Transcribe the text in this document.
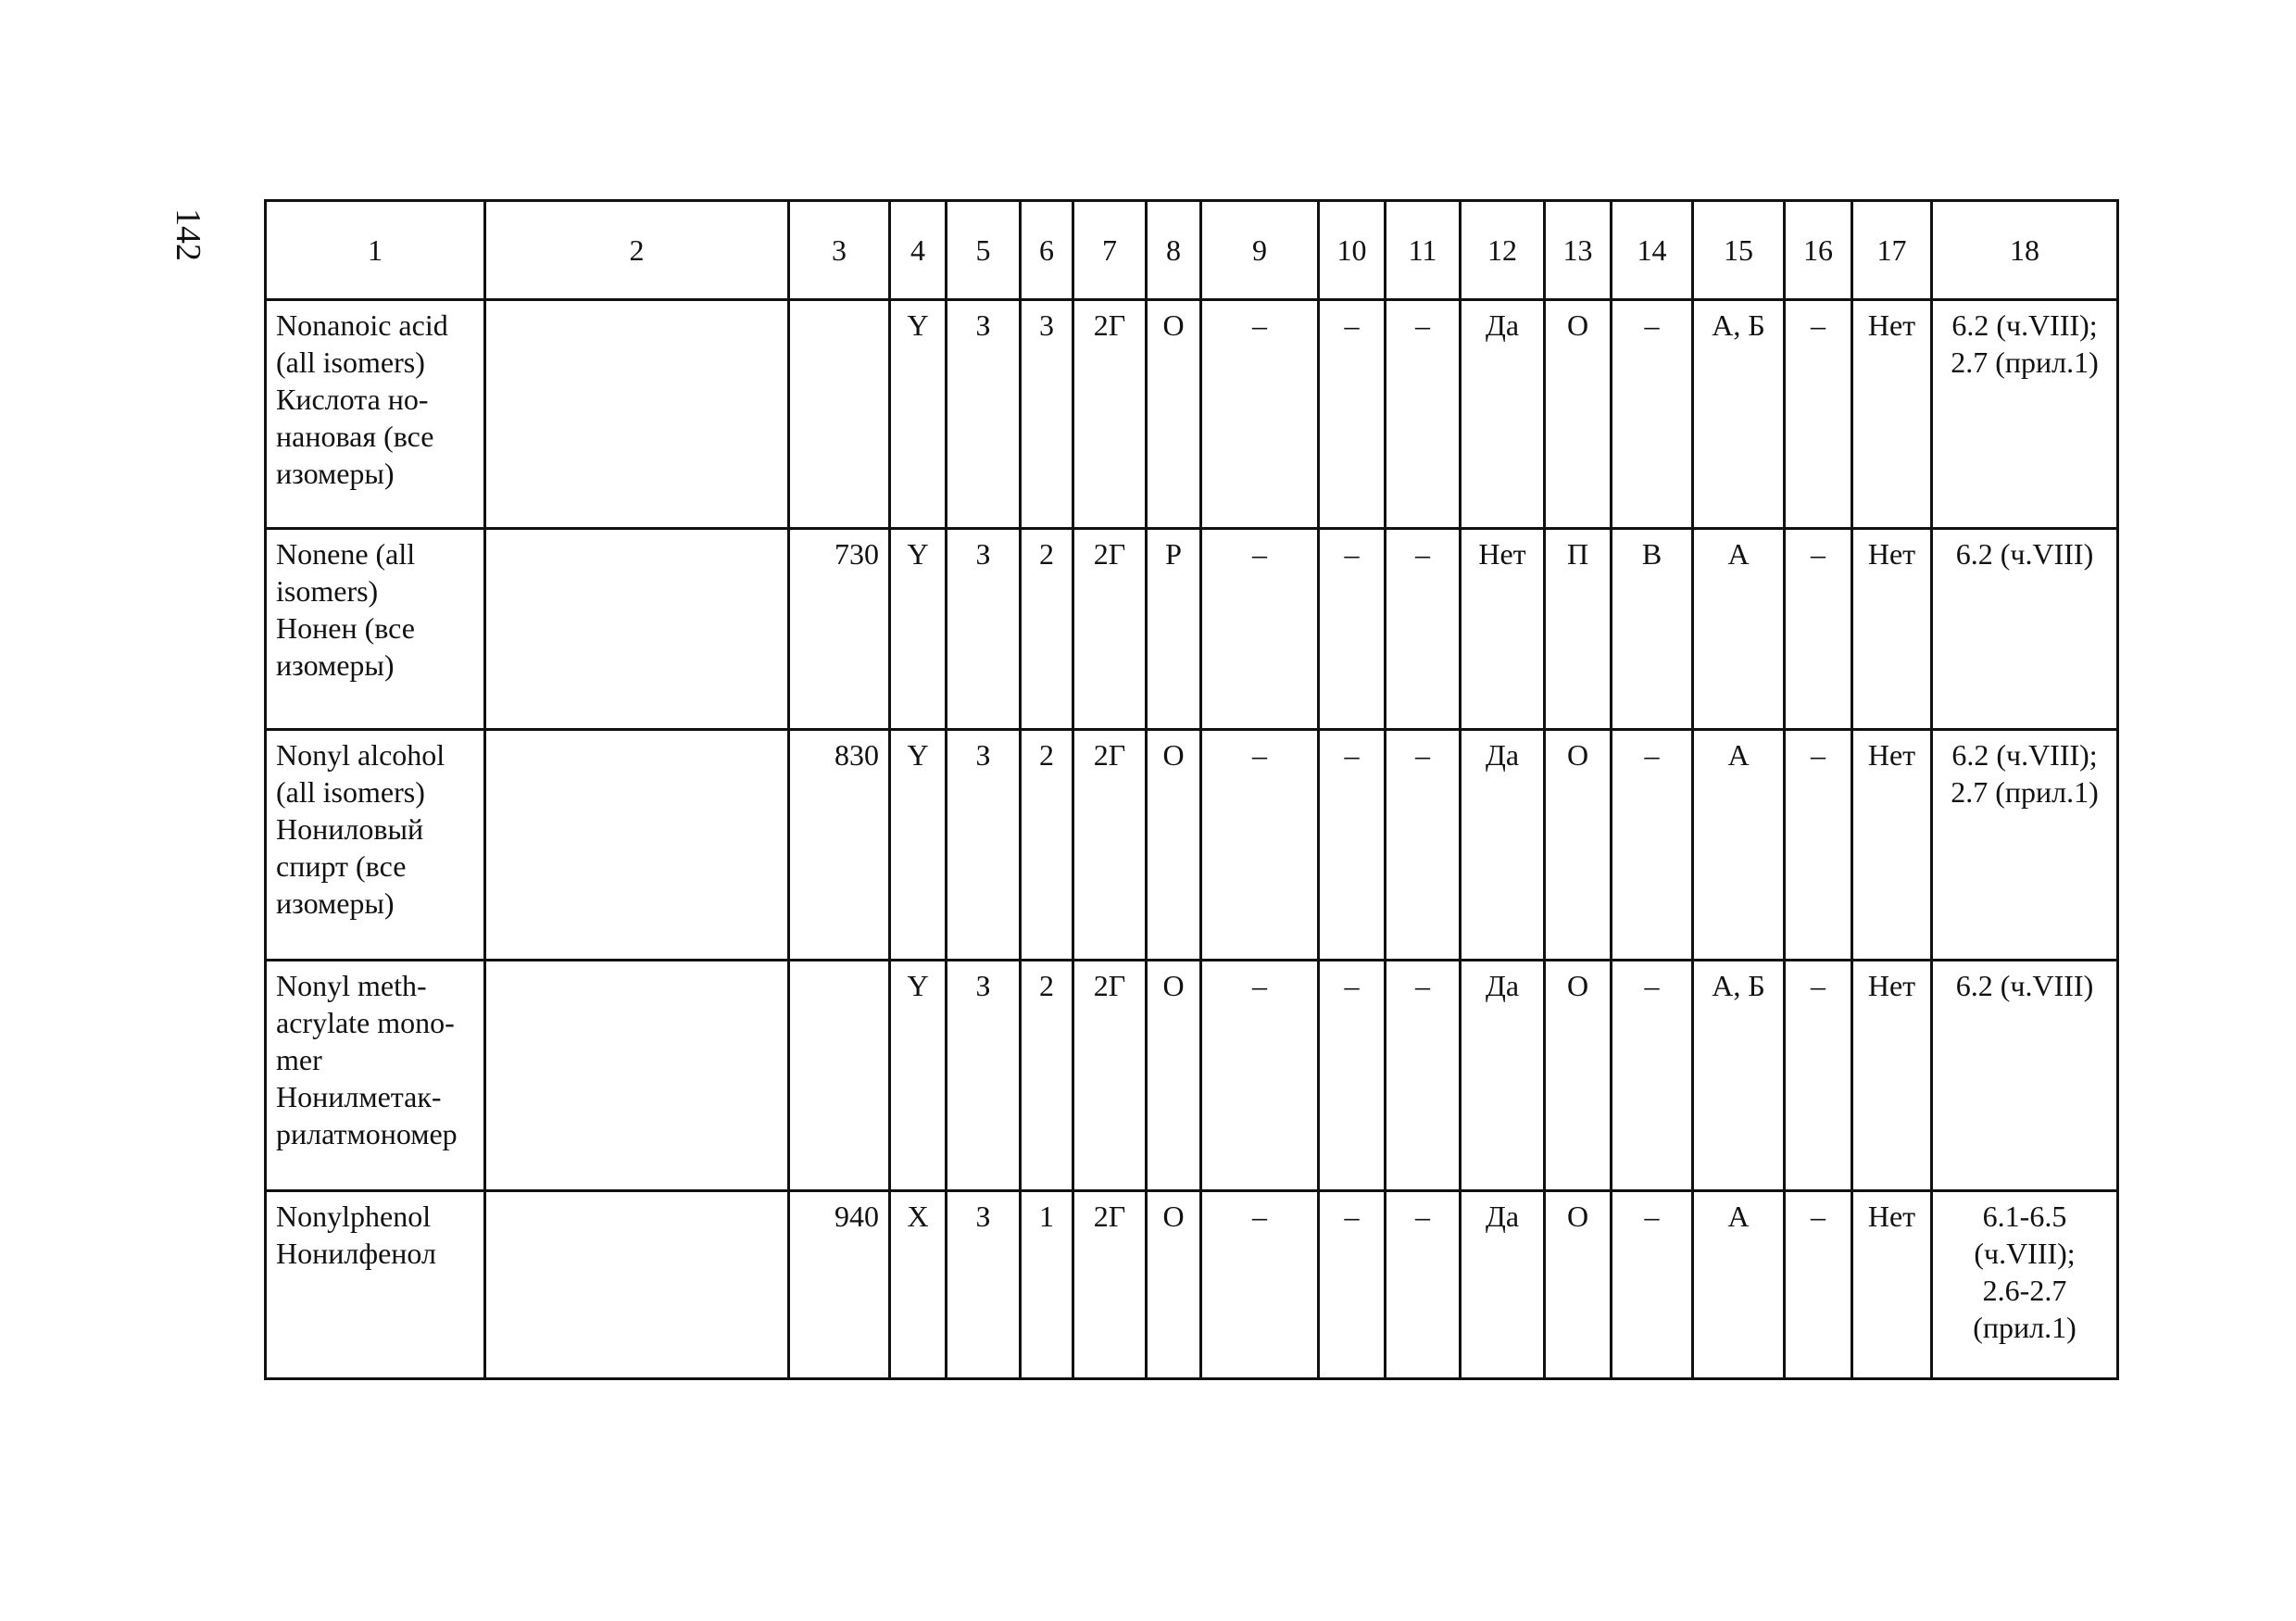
142	1	2	3	4	5	6	7	8	9	10	11	12	13	14	15	16	17	18

Nonanoic acid
(all isomers)
Кислота но-
нановая (все
изомеры)			Y	З	3	2Г	О	–	–	–	Да	О	–	А, Б	–	Нет	6.2 (ч.VIII);
2.7 (прил.1)

Nonene (all
isomers)
Нонен (все
изомеры)		730	Y	З	2	2Г	Р	–	–	–	Нет	П	В	А	–	Нет	6.2 (ч.VIII)

Nonyl alcohol
(all isomers)
Нониловый
спирт (все
изомеры)		830	Y	З	2	2Г	О	–	–	–	Да	О	–	А	–	Нет	6.2 (ч.VIII);
2.7 (прил.1)

Nonyl meth-
acrylate mono-
mer
Нонилметак-
рилатмономер			Y	З	2	2Г	О	–	–	–	Да	О	–	А, Б	–	Нет	6.2 (ч.VIII)

Nonylphenol
Нонилфенол		940	X	З	1	2Г	О	–	–	–	Да	О	–	А	–	Нет	6.1-6.5
(ч.VIII);
2.6-2.7
(прил.1)
